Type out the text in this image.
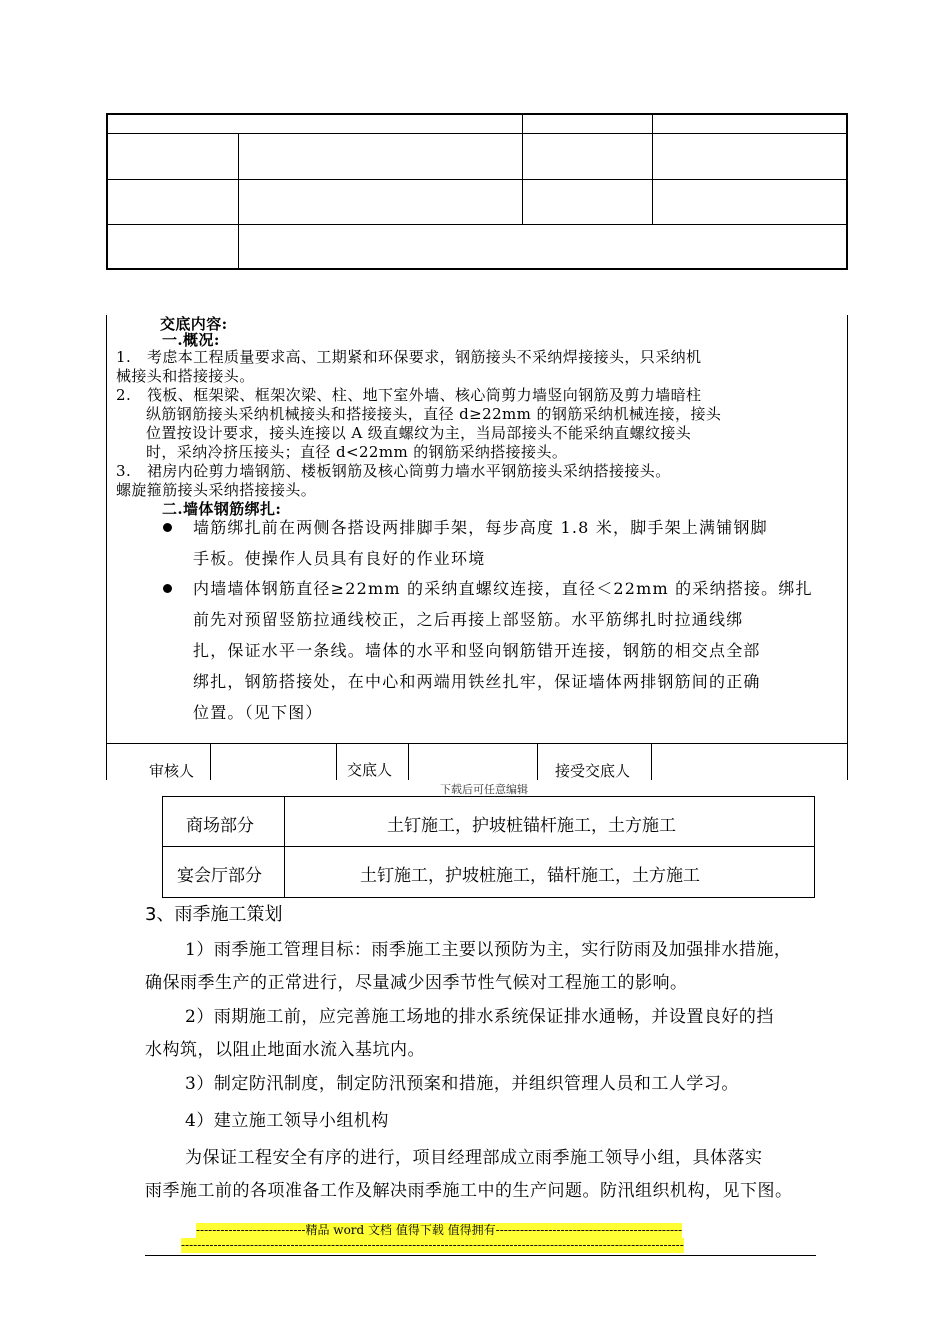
交底内容:
一.概况:
1. 考虑本工程质量要求高、工期紧和环保要求，钢筋接头不采纳焊接接头，只采纳机
械接头和搭接接头。
2. 筏板、框架梁、框架次梁、柱、地下室外墙、核心筒剪力墙竖向钢筋及剪力墙暗柱
纵筋钢筋接头采纳机械接头和搭接接头，直径 d≥22mm 的钢筋采纳机械连接，接头
位置按设计要求，接头连接以 A 级直螺纹为主，当局部接头不能采纳直螺纹接头
时，采纳冷挤压接头；直径 d<22mm 的钢筋采纳搭接接头。
3. 裙房内砼剪力墙钢筋、楼板钢筋及核心筒剪力墙水平钢筋接头采纳搭接接头。
螺旋箍筋接头采纳搭接接头。
二.墙体钢筋绑扎:
墙筋绑扎前在两侧各搭设两排脚手架，每步高度 1.8 米，脚手架上满铺钢脚
手板。使操作人员具有良好的作业环境
内墙墙体钢筋直径≥22mm 的采纳直螺纹连接，直径＜22mm 的采纳搭接。绑扎
前先对预留竖筋拉通线校正，之后再接上部竖筋。水平筋绑扎时拉通线绑
扎，保证水平一条线。墙体的水平和竖向钢筋错开连接，钢筋的相交点全部
绑扎，钢筋搭接处，在中心和两端用铁丝扎牢，保证墙体两排钢筋间的正确
位置。（见下图）
审核人	交底人	接受交底人
下载后可任意编辑
商场部分	土钉施工，护坡桩锚杆施工，土方施工
宴会厅部分	土钉施工，护坡桩施工，锚杆施工，土方施工
3、雨季施工策划
1）雨季施工管理目标：雨季施工主要以预防为主，实行防雨及加强排水措施，
确保雨季生产的正常进行，尽量减少因季节性气候对工程施工的影响。
2）雨期施工前，应完善施工场地的排水系统保证排水通畅，并设置良好的挡
水构筑，以阻止地面水流入基坑内。
3）制定防汛制度，制定防汛预案和措施，并组织管理人员和工人学习。
4）建立施工领导小组机构
为保证工程安全有序的进行，项目经理部成立雨季施工领导小组，具体落实
雨季施工前的各项准备工作及解决雨季施工中的生产问题。防汛组织机构，见下图。
---------------------------精品 word 文档 值得下载 值得拥有----------------------------------------------
----------------------------------------------------------------------------------------------------------------------------
